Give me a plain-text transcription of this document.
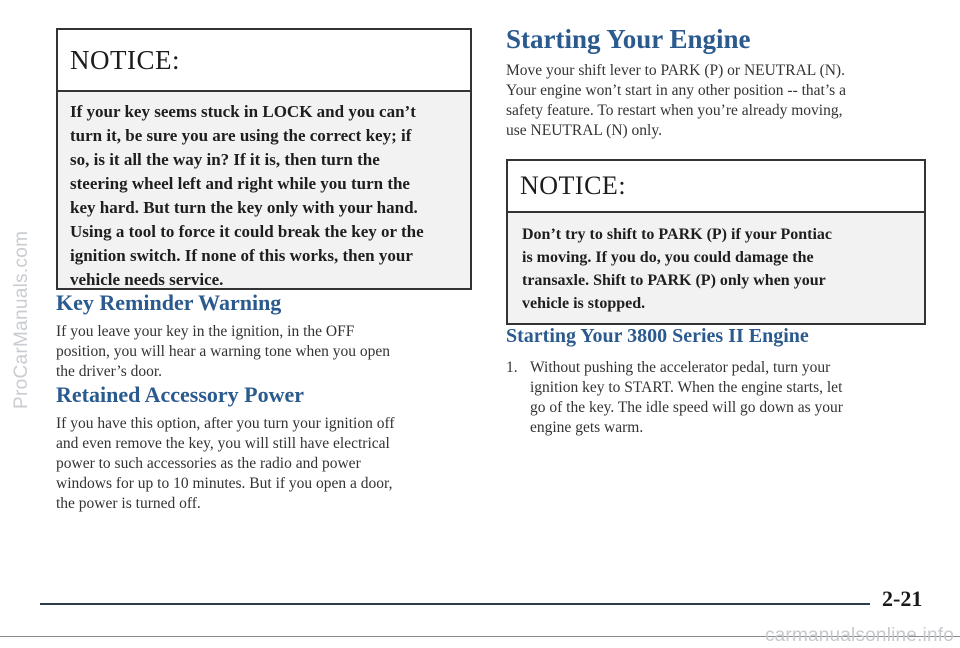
ProCarManuals.com
NOTICE:
If your key seems stuck in LOCK and you can’t
turn it, be sure you are using the correct key; if
so, is it all the way in? If it is, then turn the
steering wheel left and right while you turn the
key hard. But turn the key only with your hand.
Using a tool to force it could break the key or the
ignition switch. If none of this works, then your
vehicle needs service.
Key Reminder Warning

If you leave your key in the ignition, in the OFF
position, you will hear a warning tone when you open
the driver’s door.

Retained Accessory Power

If you have this option, after you turn your ignition off
and even remove the key, you will still have electrical
power to such accessories as the radio and power
windows for up to 10 minutes. But if you open a door,
the power is turned off.

Starting Your Engine

Move your shift lever to PARK (P) or NEUTRAL (N).
Your engine won’t start in any other position -- that’s a
safety feature. To restart when you’re already moving,
use NEUTRAL (N) only.

NOTICE:
Don’t try to shift to PARK (P) if your Pontiac
is moving. If you do, you could damage the
transaxle. Shift to PARK (P) only when your
vehicle is stopped.
Starting Your 3800 Series II Engine
1. Without pushing the accelerator pedal, turn your
ignition key to START. When the engine starts, let
go of the key. The idle speed will go down as your
engine gets warm.
2-21
carmanualsonline.info
